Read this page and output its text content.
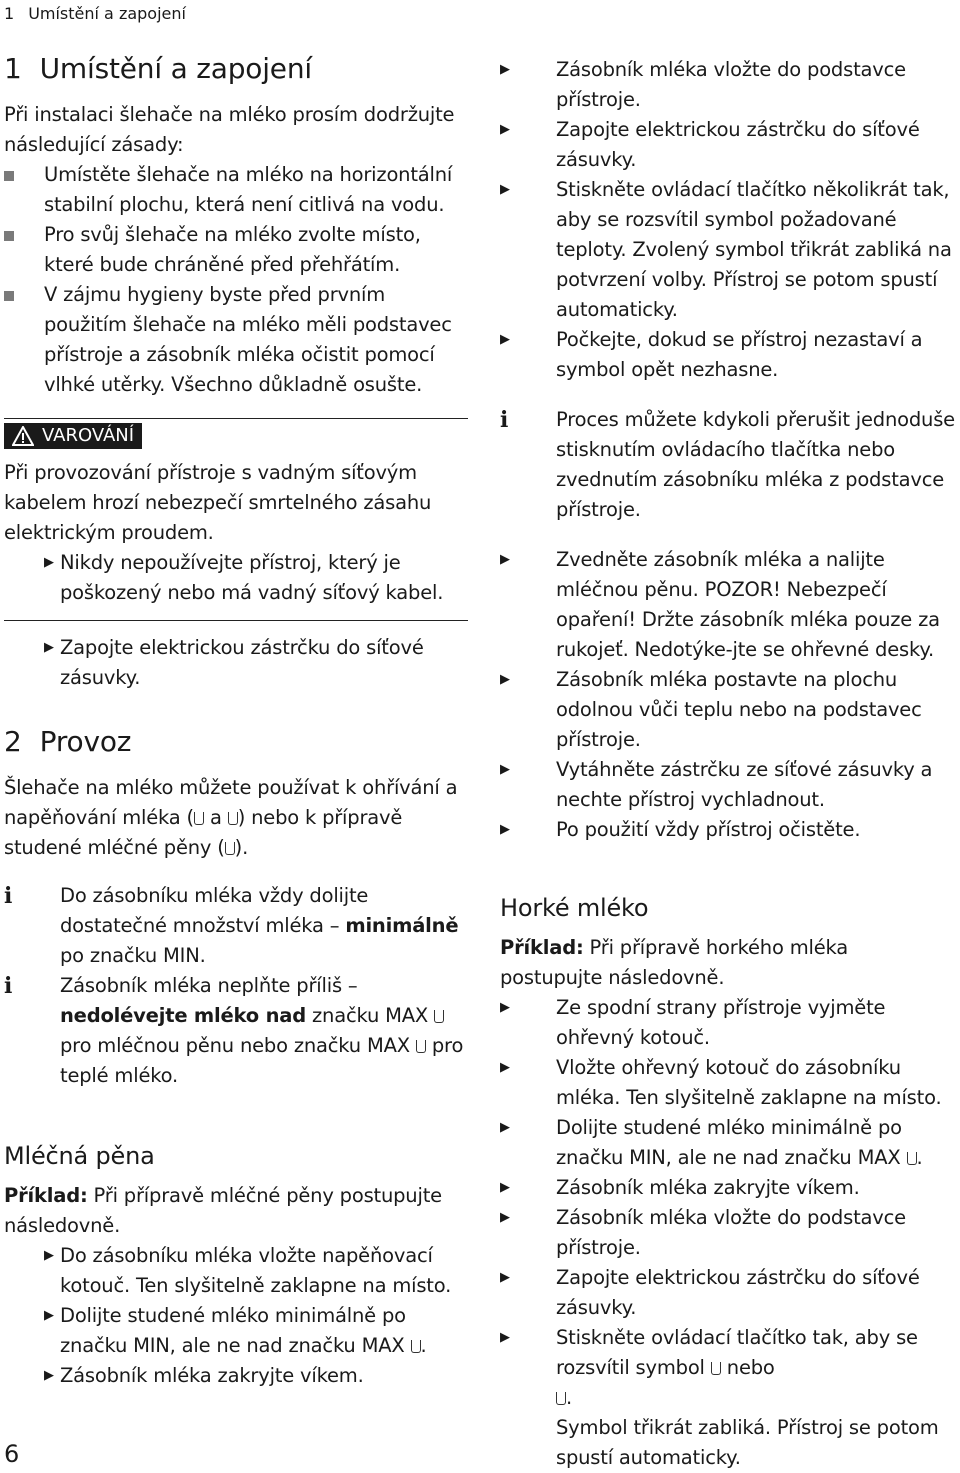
1 Umístění a zapojení
1 Umístění a zapojení

Při instalaci šlehače na mléko prosím dodržujte následující zásady:

Umístěte šlehače na mléko na horizontální stabilní plochu, která není citlivá na vodu.
Pro svůj šlehače na mléko zvolte místo, které bude chráněné před přehřátím.
V zájmu hygieny byste před prvním použitím šlehače na mléko měli podstavec přístroje a zásobník mléka očistit pomocí vlhké utěrky. Všechno důkladně osušte.
VAROVÁNÍ

Při provozování přístroje s vadným síťovým kabelem hrozí nebezpečí smrtelného zásahu elektrickým proudem.

▶ Nikdy nepoužívejte přístroj, který je poškozený nebo má vadný síťový kabel.
▶ Zapojte elektrickou zástrčku do síťové zásuvky.
2 Provoz

Šlehače na mléko můžete používat k ohřívání a napěňování mléka ( a ) nebo k přípravě studené mléčné pěny ( ).

i	Do zásobníku mléka vždy dolijte dostatečné množství mléka – minimálně po značku MIN.
i	Zásobník mléka neplňte příliš – nedolévejte mléko nad značku MAX  pro mléčnou pěnu nebo značku MAX  pro teplé mléko.
Mléčná pěna

Příklad: Při přípravě mléčné pěny postupujte následovně.

▶ Do zásobníku mléka vložte napěňovací kotouč. Ten slyšitelně zaklapne na místo.
▶ Dolijte studené mléko minimálně po značku MIN, ale ne nad značku MAX .
▶ Zásobník mléka zakryjte víkem.
▶	Zásobník mléka vložte do podstavce přístroje.
▶	Zapojte elektrickou zástrčku do síťové zásuvky.
▶	Stiskněte ovládací tlačítko několikrát tak, aby se rozsvítil symbol požadované teploty. Zvolený symbol třikrát zabliká na potvrzení volby. Přístroj se potom spustí automaticky.
▶	Počkejte, dokud se přístroj nezastaví a symbol opět nezhasne.
i	Proces můžete kdykoli přerušit jednoduše stisknutím ovládacího tlačítka nebo zvednutím zásobníku mléka z podstavce přístroje.
▶	Zvedněte zásobník mléka a nalijte mléčnou pěnu. POZOR! Nebezpečí opaření! Držte zásobník mléka pouze za rukojeť. Nedotýke-jte se ohřevné desky.
▶	Zásobník mléka postavte na plochu odolnou vůči teplu nebo na podstavec přístroje.
▶	Vytáhněte zástrčku ze síťové zásuvky a nechte přístroj vychladnout.
▶	Po použití vždy přístroj očistěte.
Horké mléko

Příklad: Při přípravě horkého mléka postupujte následovně.

▶	Ze spodní strany přístroje vyjměte ohřevný kotouč.
▶	Vložte ohřevný kotouč do zásobníku mléka. Ten slyšitelně zaklapne na místo.
▶	Dolijte studené mléko minimálně po značku MIN, ale ne nad značku MAX .
▶	Zásobník mléka zakryjte víkem.
▶	Zásobník mléka vložte do podstavce přístroje.
▶	Zapojte elektrickou zástrčku do síťové zásuvky.
▶	Stiskněte ovládací tlačítko tak, aby se rozsvítil symbol  nebo
.
Symbol třikrát zabliká. Přístroj se potom spustí automaticky.
6
